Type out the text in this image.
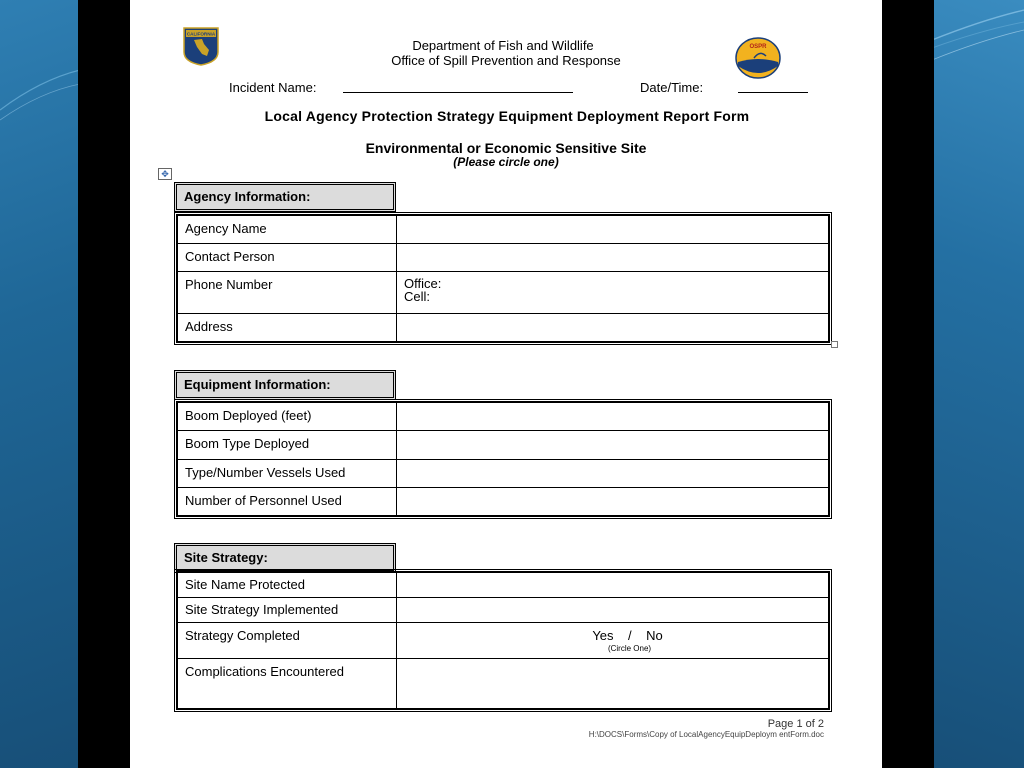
CALIFORNIA
Department of Fish and Wildlife
Office of Spill Prevention and Response
OSPR
Incident Name:	Date/Time:
Local Agency Protection Strategy Equipment Deployment Report Form
Environmental or Economic Sensitive Site
(Please circle one)
✥
Agency Information:
Agency Name	
Contact Person	
Phone Number	Office:
Cell:

Address	
Equipment Information:
Boom Deployed (feet)	
Boom Type Deployed	
Type/Number Vessels Used	
Number of Personnel Used	
Site Strategy:
Site Name Protected	
Site Strategy Implemented	
Strategy Completed	Yes / No
(Circle One)

Complications Encountered	
Page 1 of 2
H:\DOCS\Forms\Copy of LocalAgencyEquipDeploym entForm.doc
